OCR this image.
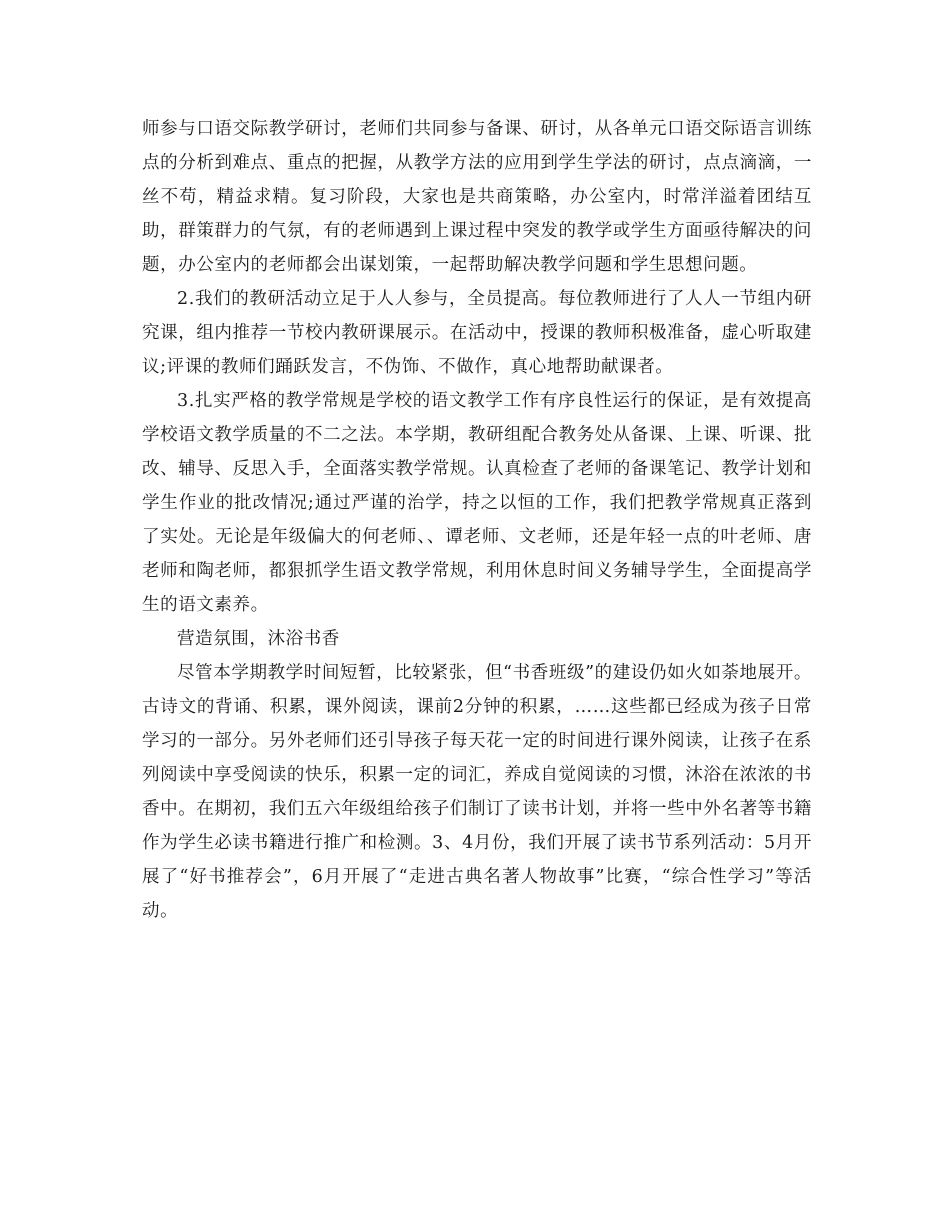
师参与口语交际教学研讨，老师们共同参与备课、研讨，从各单元口语交际语言训练点的分析到难点、重点的把握，从教学方法的应用到学生学法的研讨，点点滴滴，一丝不苟，精益求精。复习阶段，大家也是共商策略，办公室内，时常洋溢着团结互助，群策群力的气氛，有的老师遇到上课过程中突发的教学或学生方面亟待解决的问题，办公室内的老师都会出谋划策，一起帮助解决教学问题和学生思想问题。

2.我们的教研活动立足于人人参与，全员提高。每位教师进行了人人一节组内研究课，组内推荐一节校内教研课展示。在活动中，授课的教师积极准备，虚心听取建议;评课的教师们踊跃发言，不伪饰、不做作，真心地帮助献课者。

3.扎实严格的教学常规是学校的语文教学工作有序良性运行的保证，是有效提高学校语文教学质量的不二之法。本学期，教研组配合教务处从备课、上课、听课、批改、辅导、反思入手，全面落实教学常规。认真检查了老师的备课笔记、教学计划和学生作业的批改情况;通过严谨的治学，持之以恒的工作，我们把教学常规真正落到了实处。无论是年级偏大的何老师、、谭老师、文老师，还是年轻一点的叶老师、唐老师和陶老师，都狠抓学生语文教学常规，利用休息时间义务辅导学生，全面提高学生的语文素养。

营造氛围，沐浴书香

尽管本学期教学时间短暂，比较紧张，但“书香班级”的建设仍如火如荼地展开。古诗文的背诵、积累，课外阅读，课前2分钟的积累，……这些都已经成为孩子日常学习的一部分。另外老师们还引导孩子每天花一定的时间进行课外阅读，让孩子在系列阅读中享受阅读的快乐，积累一定的词汇，养成自觉阅读的习惯，沐浴在浓浓的书香中。在期初，我们五六年级组给孩子们制订了读书计划，并将一些中外名著等书籍作为学生必读书籍进行推广和检测。3、4月份，我们开展了读书节系列活动：5月开展了“好书推荐会”，6月开展了“走进古典名著人物故事”比赛，“综合性学习”等活动。
